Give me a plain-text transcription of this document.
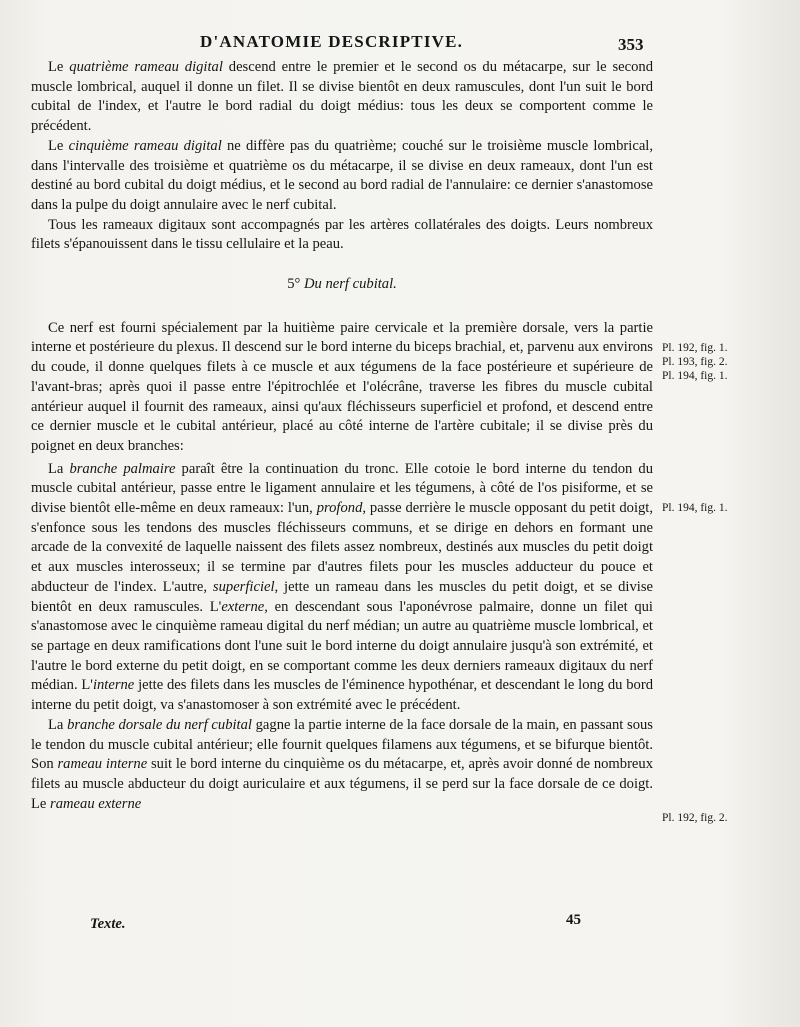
D'ANATOMIE DESCRIPTIVE.	353

Le quatrième rameau digital descend entre le premier et le second os du métacarpe, sur le second muscle lombrical, auquel il donne un filet. Il se divise bientôt en deux ramuscules, dont l'un suit le bord cubital de l'index, et l'autre le bord radial du doigt médius: tous les deux se comportent comme le précédent.

Le cinquième rameau digital ne diffère pas du quatrième; couché sur le troisième muscle lombrical, dans l'intervalle des troisième et quatrième os du métacarpe, il se divise en deux rameaux, dont l'un est destiné au bord cubital du doigt médius, et le second au bord radial de l'annulaire: ce dernier s'anastomose dans la pulpe du doigt annulaire avec le nerf cubital.

Tous les rameaux digitaux sont accompagnés par les artères collatérales des doigts. Leurs nombreux filets s'épanouissent dans le tissu cellulaire et la peau.

5° Du nerf cubital.

Ce nerf est fourni spécialement par la huitième paire cervicale et la première dorsale, vers la partie interne et postérieure du plexus. Il descend sur le bord interne du biceps brachial, et, parvenu aux environs du coude, il donne quelques filets à ce muscle et aux tégumens de la face postérieure et supérieure de l'avant-bras; après quoi il passe entre l'épitrochlée et l'olécrâne, traverse les fibres du muscle cubital antérieur auquel il fournit des rameaux, ainsi qu'aux fléchisseurs superficiel et profond, et descend entre ce dernier muscle et le cubital antérieur, placé au côté interne de l'artère cubitale; il se divise près du poignet en deux branches:

La branche palmaire paraît être la continuation du tronc. Elle cotoie le bord interne du tendon du muscle cubital antérieur, passe entre le ligament annulaire et les tégumens, à côté de l'os pisiforme, et se divise bientôt elle-même en deux rameaux: l'un, profond, passe derrière le muscle opposant du petit doigt, s'enfonce sous les tendons des muscles fléchisseurs communs, et se dirige en dehors en formant une arcade de la convexité de laquelle naissent des filets assez nombreux, destinés aux muscles du petit doigt et aux muscles interosseux; il se termine par d'autres filets pour les muscles adducteur du pouce et abducteur de l'index. L'autre, superficiel, jette un rameau dans les muscles du petit doigt, et se divise bientôt en deux ramuscules. L'externe, en descendant sous l'aponévrose palmaire, donne un filet qui s'anastomose avec le cinquième rameau digital du nerf médian; un autre au quatrième muscle lombrical, et se partage en deux ramifications dont l'une suit le bord interne du doigt annulaire jusqu'à son extrémité, et l'autre le bord externe du petit doigt, en se comportant comme les deux derniers rameaux digitaux du nerf médian. L'interne jette des filets dans les muscles de l'éminence hypothénar, et descendant le long du bord interne du petit doigt, va s'anastomoser à son extrémité avec le précédent.

La branche dorsale du nerf cubital gagne la partie interne de la face dorsale de la main, en passant sous le tendon du muscle cubital antérieur; elle fournit quelques filamens aux tégumens, et se bifurque bientôt. Son rameau interne suit le bord interne du cinquième os du métacarpe, et, après avoir donné de nombreux filets au muscle abducteur du doigt auriculaire et aux tégumens, il se perd sur la face dorsale de ce doigt. Le rameau externe

Pl. 192, fig. 1.
Pl. 193, fig. 2.
Pl. 194, fig. 1.
Pl. 194, fig. 1.
Pl. 192, fig. 2.
Texte.	45
